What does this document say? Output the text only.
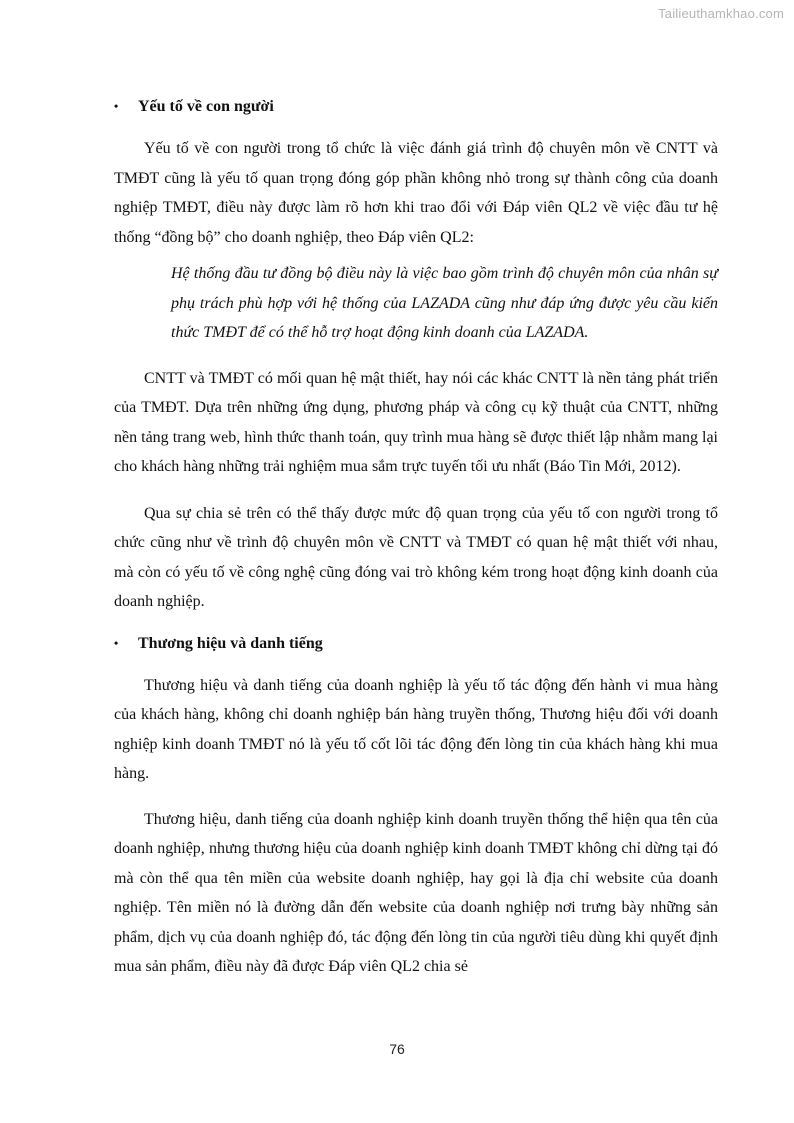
Tailieuthamkhao.com
•	Yếu tố về con người

Yếu tố về con người trong tổ chức là việc đánh giá trình độ chuyên môn về CNTT và TMĐT cũng là yếu tố quan trọng đóng góp phần không nhỏ trong sự thành công của doanh nghiệp TMĐT, điều này được làm rõ hơn khi trao đổi với Đáp viên QL2 về việc đầu tư hệ thống “đồng bộ” cho doanh nghiệp, theo Đáp viên QL2:

Hệ thống đầu tư đồng bộ điều này là việc bao gồm trình độ chuyên môn của nhân sự phụ trách phù hợp với hệ thống của LAZADA cũng như đáp ứng được yêu cầu kiến thức TMĐT để có thể hỗ trợ hoạt động kinh doanh của LAZADA.

CNTT và TMĐT có mối quan hệ mật thiết, hay nói các khác CNTT là nền tảng phát triển của TMĐT. Dựa trên những ứng dụng, phương pháp và công cụ kỹ thuật của CNTT, những nền tảng trang web, hình thức thanh toán, quy trình mua hàng sẽ được thiết lập nhằm mang lại cho khách hàng những trải nghiệm mua sắm trực tuyến tối ưu nhất (Báo Tin Mới, 2012).

Qua sự chia sẻ trên có thể thấy được mức độ quan trọng của yếu tố con người trong tổ chức cũng như về trình độ chuyên môn về CNTT và TMĐT có quan hệ mật thiết với nhau, mà còn có yếu tố về công nghệ cũng đóng vai trò không kém trong hoạt động kinh doanh của doanh nghiệp.

•	Thương hiệu và danh tiếng

Thương hiệu và danh tiếng của doanh nghiệp là yếu tố tác động đến hành vi mua hàng của khách hàng, không chỉ doanh nghiệp bán hàng truyền thống, Thương hiệu đối với doanh nghiệp kinh doanh TMĐT nó là yếu tố cốt lõi tác động đến lòng tin của khách hàng khi mua hàng.

Thương hiệu, danh tiếng của doanh nghiệp kinh doanh truyền thống thể hiện qua tên của doanh nghiệp, nhưng thương hiệu của doanh nghiệp kinh doanh TMĐT không chỉ dừng tại đó mà còn thể qua tên miền của website doanh nghiệp, hay gọi là địa chỉ website của doanh nghiệp. Tên miền nó là đường dẫn đến website của doanh nghiệp nơi trưng bày những sản phẩm, dịch vụ của doanh nghiệp đó, tác động đến lòng tin của người tiêu dùng khi quyết định mua sản phẩm, điều này đã được Đáp viên QL2 chia sẻ

76
